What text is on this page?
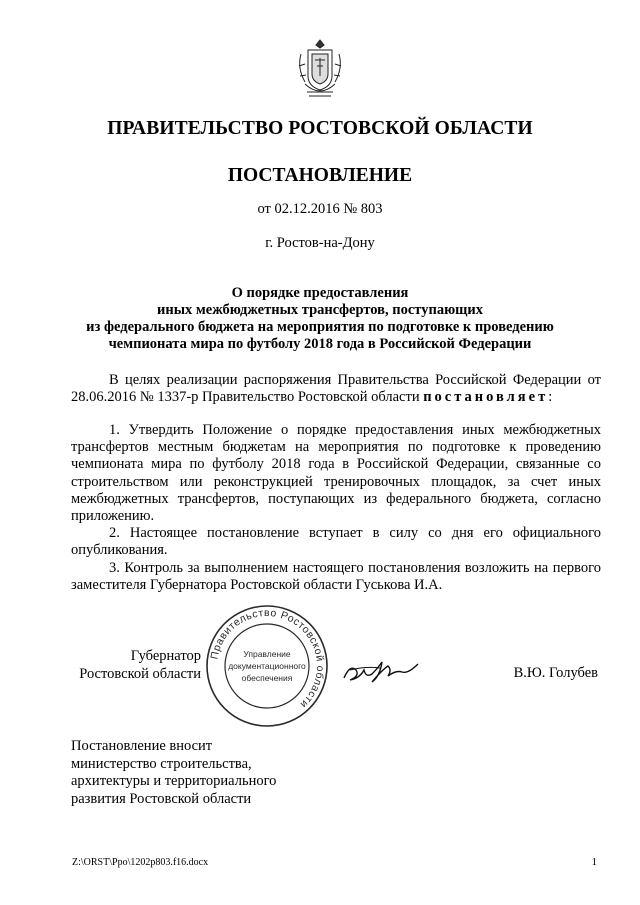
ПРАВИТЕЛЬСТВО РОСТОВСКОЙ ОБЛАСТИ
ПОСТАНОВЛЕНИЕ
от 02.12.2016 № 803
г. Ростов-на-Дону
О порядке предоставления
иных межбюджетных трансфертов, поступающих
из федерального бюджета на мероприятия по подготовке к проведению
чемпионата мира по футболу 2018 года в Российской Федерации
В целях реализации распоряжения Правительства Российской Федерации от 28.06.2016 № 1337-р Правительство Ростовской области постановляет:

1. Утвердить Положение о порядке предоставления иных межбюджетных трансфертов местным бюджетам на мероприятия по подготовке к проведению чемпионата мира по футболу 2018 года в Российской Федерации, связанные со строительством или реконструкцией тренировочных площадок, за счет иных межбюджетных трансфертов, поступающих из федерального бюджета, согласно приложению.

2. Настоящее постановление вступает в силу со дня его официального опубликования.

3. Контроль за выполнением настоящего постановления возложить на первого заместителя Губернатора Ростовской области Гуськова И.А.

Губернатор
Ростовской области
Правительство Ростовской области
Управление
документационного
обеспечения	В.Ю. Голубев
Постановление вносит
министерство строительства,
архитектуры и территориального
развития Ростовской области
Z:\ORST\Ppo\1202p803.f16.docx	1
